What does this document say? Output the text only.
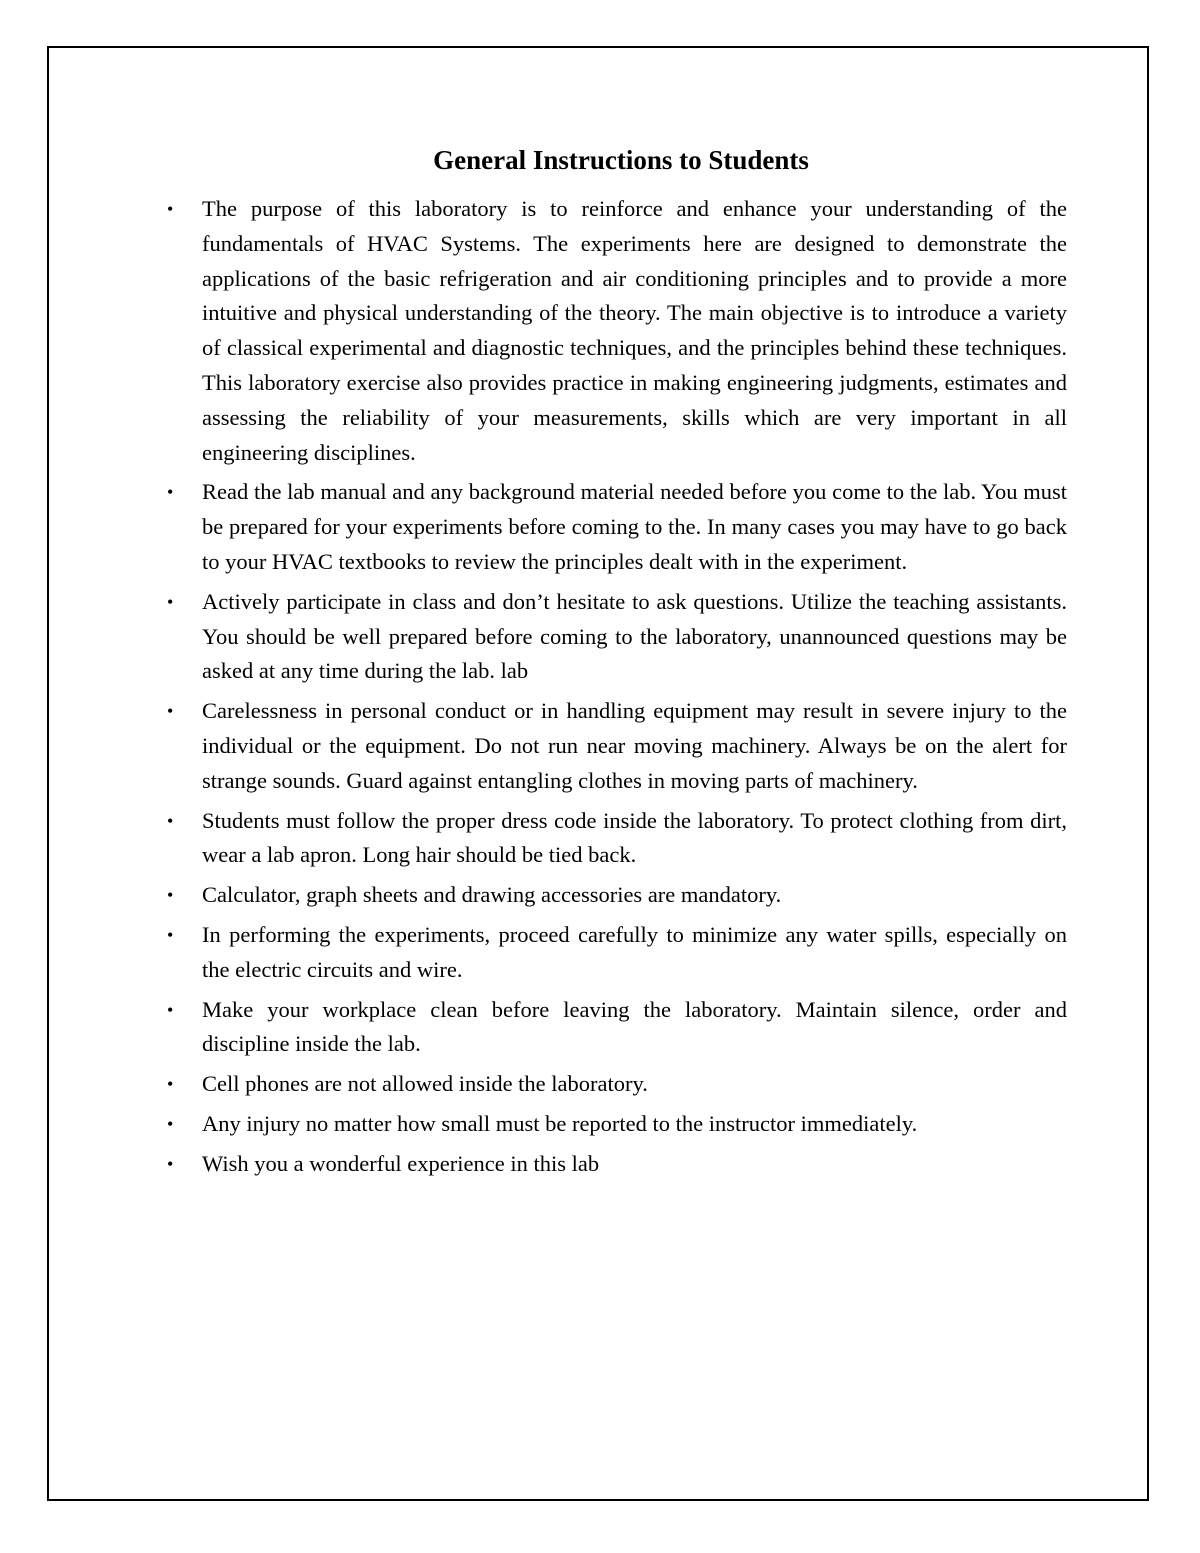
General Instructions to Students
• The purpose of this laboratory is to reinforce and enhance your understanding of the fundamentals of HVAC Systems. The experiments here are designed to demonstrate the applications of the basic refrigeration and air conditioning principles and to provide a more intuitive and physical understanding of the theory. The main objective is to introduce a variety of classical experimental and diagnostic techniques, and the principles behind these techniques. This laboratory exercise also provides practice in making engineering judgments, estimates and assessing the reliability of your measurements, skills which are very important in all engineering disciplines.
• Read the lab manual and any background material needed before you come to the lab. You must be prepared for your experiments before coming to the. In many cases you may have to go back to your HVAC textbooks to review the principles dealt with in the experiment.
• Actively participate in class and don’t hesitate to ask questions. Utilize the teaching assistants. You should be well prepared before coming to the laboratory, unannounced questions may be asked at any time during the lab. lab
• Carelessness in personal conduct or in handling equipment may result in severe injury to the individual or the equipment. Do not run near moving machinery. Always be on the alert for strange sounds. Guard against entangling clothes in moving parts of machinery.
• Students must follow the proper dress code inside the laboratory. To protect clothing from dirt, wear a lab apron. Long hair should be tied back.
• Calculator, graph sheets and drawing accessories are mandatory.
• In performing the experiments, proceed carefully to minimize any water spills, especially on the electric circuits and wire.
• Make your workplace clean before leaving the laboratory. Maintain silence, order and discipline inside the lab.
• Cell phones are not allowed inside the laboratory.
• Any injury no matter how small must be reported to the instructor immediately.
• Wish you a wonderful experience in this lab
